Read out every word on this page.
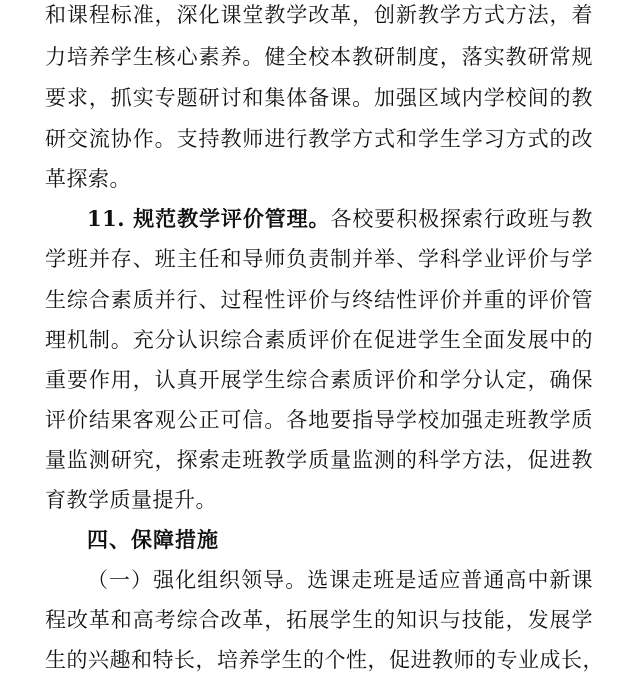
和课程标准，深化课堂教学改革，创新教学方式方法，着
力培养学生核心素养。健全校本教研制度，落实教研常规
要求，抓实专题研讨和集体备课。加强区域内学校间的教
研交流协作。支持教师进行教学方式和学生学习方式的改
革探索。
11. 规范教学评价管理。各校要积极探索行政班与教
学班并存、班主任和导师负责制并举、学科学业评价与学
生综合素质并行、过程性评价与终结性评价并重的评价管
理机制。充分认识综合素质评价在促进学生全面发展中的
重要作用，认真开展学生综合素质评价和学分认定，确保
评价结果客观公正可信。各地要指导学校加强走班教学质
量监测研究，探索走班教学质量监测的科学方法，促进教
育教学质量提升。
四、保障措施
（一）强化组织领导。选课走班是适应普通高中新课
程改革和高考综合改革，拓展学生的知识与技能，发展学
生的兴趣和特长，培养学生的个性，促进教师的专业成长，
